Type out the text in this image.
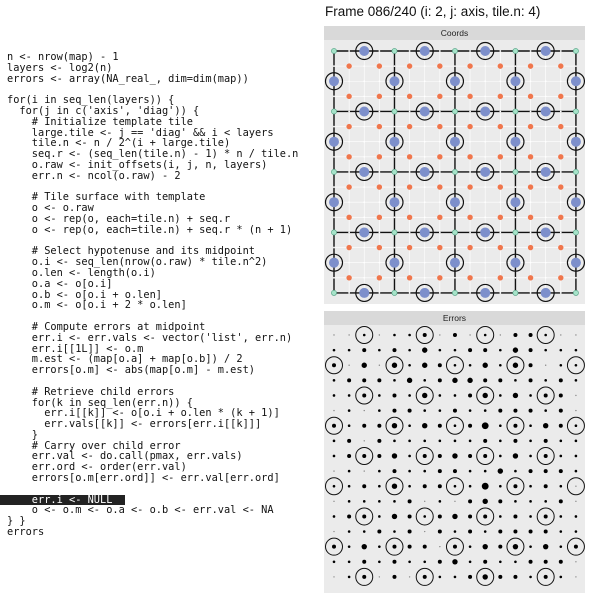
n <- nrow(map) - 1
layers <- log2(n)
errors <- array(NA_real_, dim=dim(map))
for(i in seq_len(layers)) {
for(j in c('axis', 'diag')) {
# Initialize template tile
large.tile <- j == 'diag' && i < layers
tile.n <- n / 2^(i + large.tile)
seq.r <- (seq_len(tile.n) - 1) * n / tile.n
o.raw <- init_offsets(i, j, n, layers)
err.n <- ncol(o.raw) - 2
# Tile surface with template
o <- o.raw
o <- rep(o, each=tile.n) + seq.r
o <- rep(o, each=tile.n) + seq.r * (n + 1)
# Select hypotenuse and its midpoint
o.i <- seq_len(nrow(o.raw) * tile.n^2)
o.len <- length(o.i)
o.a <- o[o.i]
o.b <- o[o.i + o.len]
o.m <- o[o.i + 2 * o.len]
# Compute errors at midpoint
err.i <- err.vals <- vector('list', err.n)
err.i[[1L]] <- o.m
m.est <- (map[o.a] + map[o.b]) / 2
errors[o.m] <- abs(map[o.m] - m.est)
# Retrieve child errors
for(k in seq_len(err.n)) {
err.i[[k]] <- o[o.i + o.len * (k + 1)]
err.vals[[k]] <- errors[err.i[[k]]]
}
# Carry over child error
err.val <- do.call(pmax, err.vals)
err.ord <- order(err.val)
errors[o.m[err.ord]] <- err.val[err.ord]
err.i <- NULL
o <- o.m <- o.a <- o.b <- err.val <- NA
} }
errors
Frame 086/240 (i: 2, j: axis, tile.n: 4)
Coords
Errors
